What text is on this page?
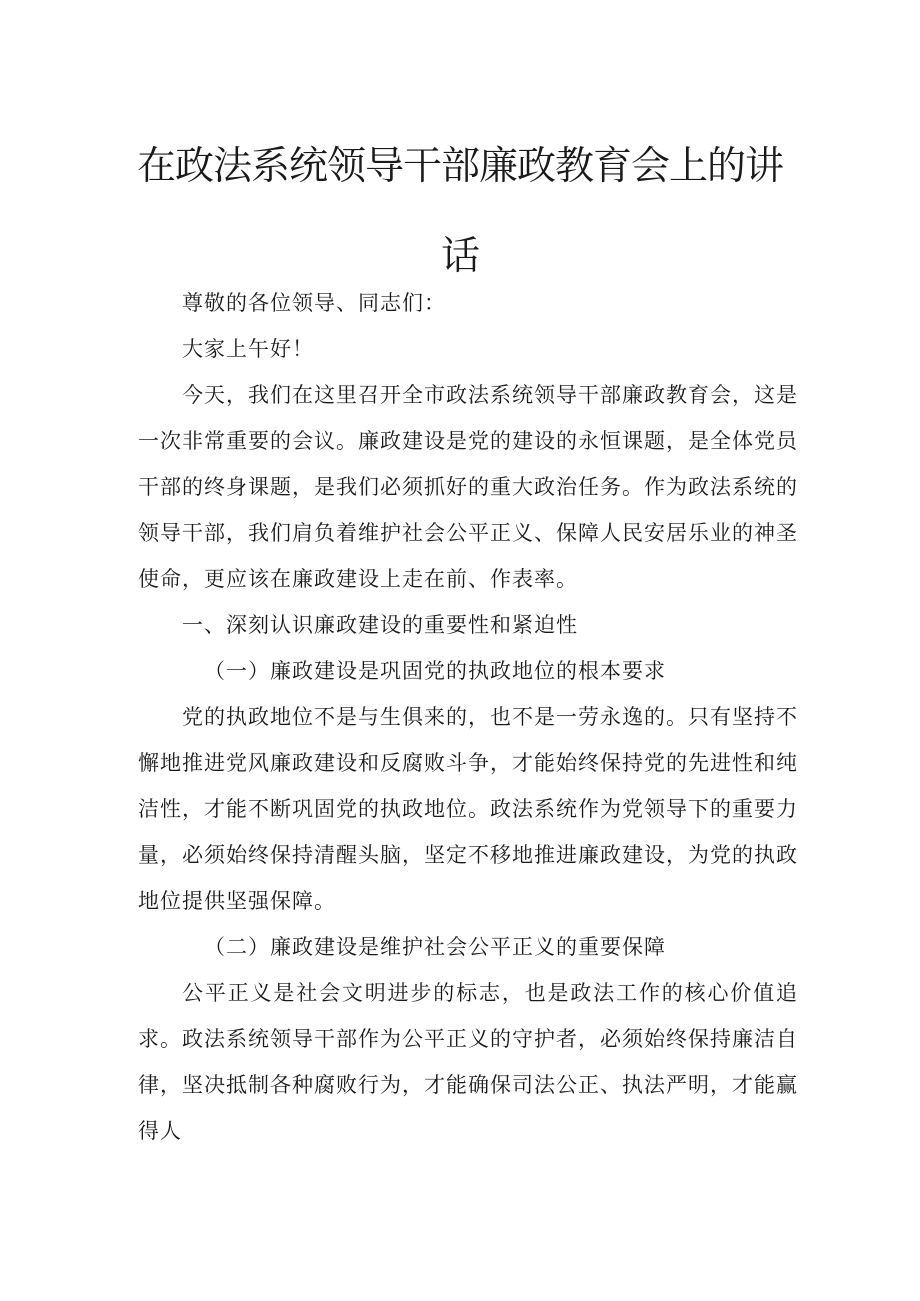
在政法系统领导干部廉政教育会上的讲
话

尊敬的各位领导、同志们：

大家上午好！

今天，我们在这里召开全市政法系统领导干部廉政教育会，这是一次非常重要的会议。廉政建设是党的建设的永恒课题，是全体党员干部的终身课题，是我们必须抓好的重大政治任务。作为政法系统的领导干部，我们肩负着维护社会公平正义、保障人民安居乐业的神圣使命，更应该在廉政建设上走在前、作表率。

一、深刻认识廉政建设的重要性和紧迫性

（一）廉政建设是巩固党的执政地位的根本要求

党的执政地位不是与生俱来的，也不是一劳永逸的。只有坚持不懈地推进党风廉政建设和反腐败斗争，才能始终保持党的先进性和纯洁性，才能不断巩固党的执政地位。政法系统作为党领导下的重要力量，必须始终保持清醒头脑，坚定不移地推进廉政建设，为党的执政地位提供坚强保障。

（二）廉政建设是维护社会公平正义的重要保障

公平正义是社会文明进步的标志，也是政法工作的核心价值追求。政法系统领导干部作为公平正义的守护者，必须始终保持廉洁自律，坚决抵制各种腐败行为，才能确保司法公正、执法严明，才能赢得人
